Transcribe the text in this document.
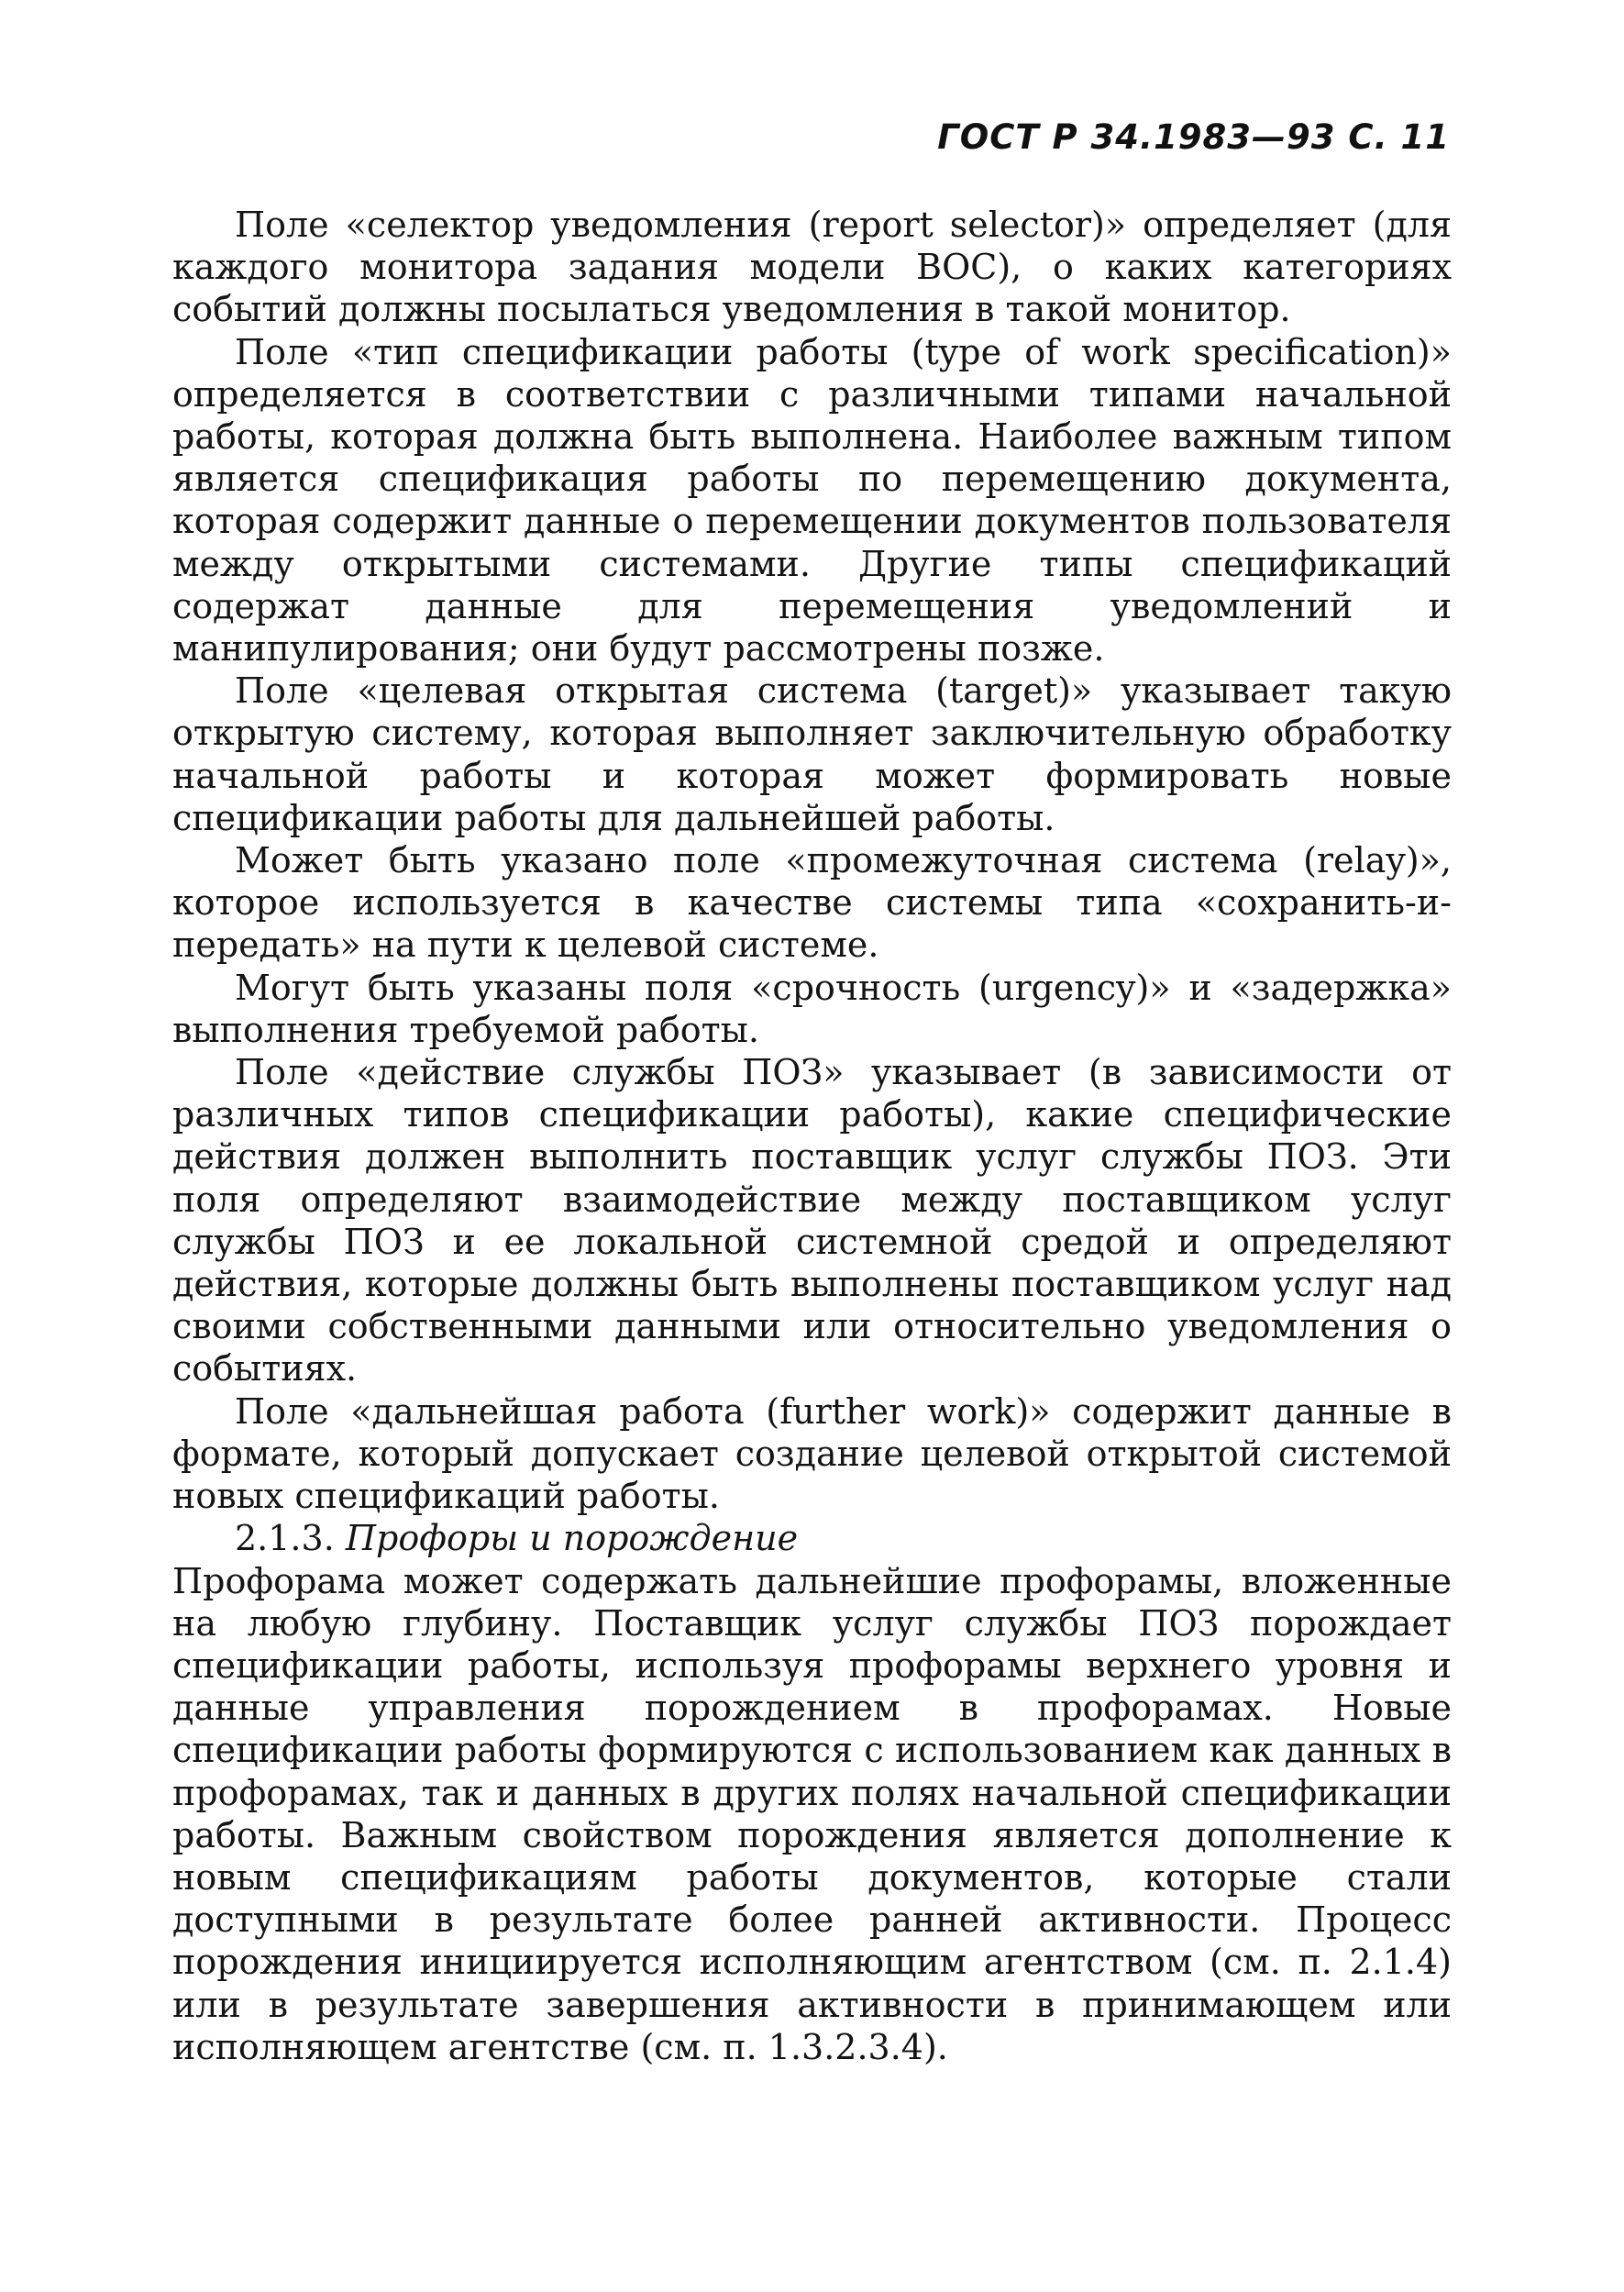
ГОСТ Р 34.1983—93 С. 11

Поле «селектор уведомления (report selector)» определяет (для каждого монитора задания модели ВОС), о каких категориях событий должны посылаться уведомления в такой монитор.

Поле «тип спецификации работы (type of work specification)» определяется в соответствии с различными типами начальной работы, которая должна быть выполнена. Наиболее важным типом является спецификация работы по перемещению документа, которая содержит данные о перемещении документов пользователя между открытыми системами. Другие типы спецификаций содержат данные для перемещения уведомлений и манипулирования; они будут рассмотрены позже.

Поле «целевая открытая система (target)» указывает такую открытую систему, которая выполняет заключительную обработку начальной работы и которая может формировать новые спецификации работы для дальнейшей работы.

Может быть указано поле «промежуточная система (relay)», которое используется в качестве системы типа «сохранить-и-передать» на пути к целевой системе.

Могут быть указаны поля «срочность (urgency)» и «задержка» выполнения требуемой работы.

Поле «действие службы ПОЗ» указывает (в зависимости от различных типов спецификации работы), какие специфические действия должен выполнить поставщик услуг службы ПОЗ. Эти поля определяют взаимодействие между поставщиком услуг службы ПОЗ и ее локальной системной средой и определяют действия, которые должны быть выполнены поставщиком услуг над своими собственными данными или относительно уведомления о событиях.

Поле «дальнейшая работа (further work)» содержит данные в формате, который допускает создание целевой открытой системой новых спецификаций работы.

2.1.3. Профоры и порождение

Профорама может содержать дальнейшие профорамы, вложенные на любую глубину. Поставщик услуг службы ПОЗ порождает спецификации работы, используя профорамы верхнего уровня и данные управления порождением в профорамах. Новые спецификации работы формируются с использованием как данных в профорамах, так и данных в других полях начальной спецификации работы. Важным свойством порождения является дополнение к новым спецификациям работы документов, которые стали доступными в результате более ранней активности. Процесс порождения инициируется исполняющим агентством (см. п. 2.1.4) или в результате завершения активности в принимающем или исполняющем агентстве (см. п. 1.3.2.3.4).
